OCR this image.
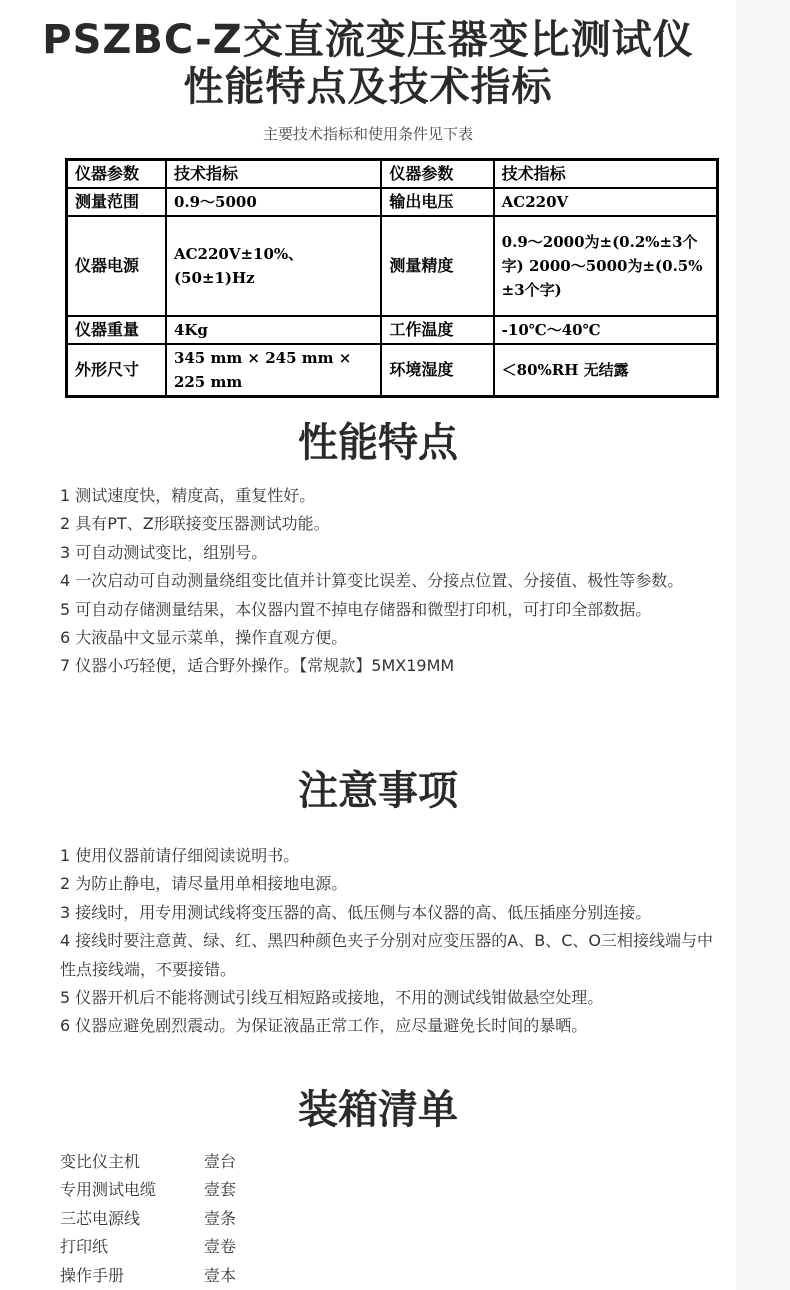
PSZBC-Z交直流变压器变比测试仪
性能特点及技术指标
主要技术指标和使用条件见下表
仪器参数	技术指标	仪器参数	技术指标
测量范围	0.9～5000	输出电压	AC220V
仪器电源	AC220V±10%、(50±1)Hz	测量精度	0.9～2000为±(0.2%±3个字) 2000～5000为±(0.5%±3个字)
仪器重量	4Kg	工作温度	-10℃～40℃
外形尺寸	345 mm × 245 mm × 225 mm	环境湿度	＜80%RH 无结露
性能特点
1 测试速度快，精度高，重复性好。
2 具有PT、Z形联接变压器测试功能。
3 可自动测试变比，组别号。
4 一次启动可自动测量绕组变比值并计算变比误差、分接点位置、分接值、极性等参数。
5 可自动存储测量结果，本仪器内置不掉电存储器和微型打印机，可打印全部数据。
6 大液晶中文显示菜单，操作直观方便。
7 仪器小巧轻便，适合野外操作。【常规款】5MX19MM
注意事项
1 使用仪器前请仔细阅读说明书。
2 为防止静电，请尽量用单相接地电源。
3 接线时，用专用测试线将变压器的高、低压侧与本仪器的高、低压插座分别连接。
4 接线时要注意黄、绿、红、黑四种颜色夹子分别对应变压器的A、B、C、O三相接线端与中性点接线端，不要接错。
5 仪器开机后不能将测试引线互相短路或接地，不用的测试线钳做悬空处理。
6 仪器应避免剧烈震动。为保证液晶正常工作，应尽量避免长时间的暴晒。
装箱清单
变比仪主机	壹台
专用测试电缆	壹套
三芯电源线	壹条
打印纸	壹卷
操作手册	壹本
